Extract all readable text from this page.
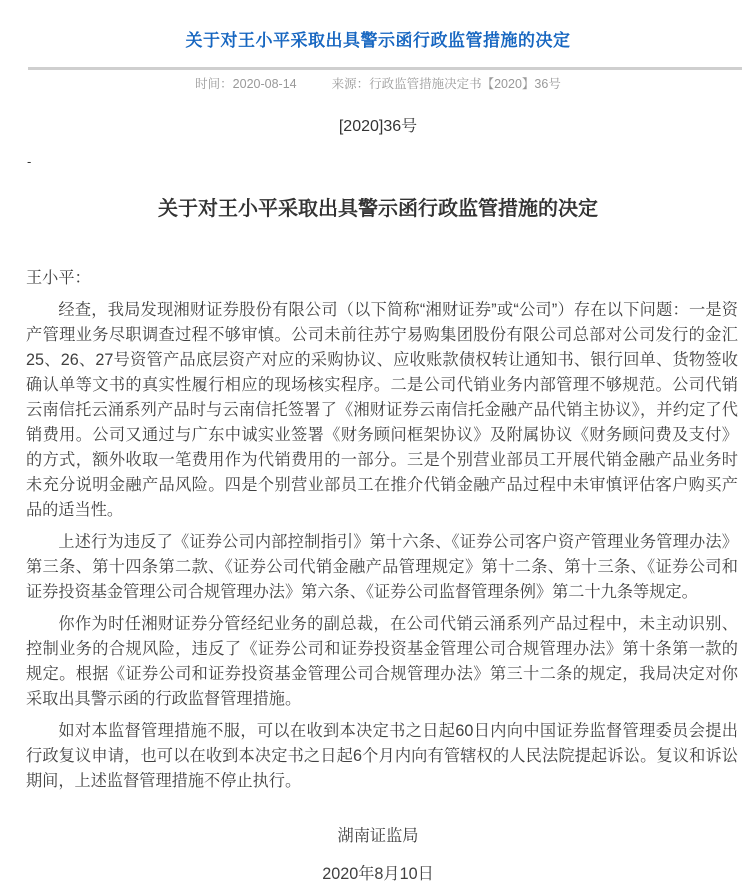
关于对王小平采取出具警示函行政监管措施的决定
时间：2020-08-14	来源：行政监管措施决定书【2020】36号
[2020]36号
-
关于对王小平采取出具警示函行政监管措施的决定

王小平：

经查，我局发现湘财证券股份有限公司（以下简称“湘财证券”或“公司”）存在以下问题：一是资产管理业务尽职调查过程不够审慎。公司未前往苏宁易购集团股份有限公司总部对公司发行的金汇25、26、27号资管产品底层资产对应的采购协议、应收账款债权转让通知书、银行回单、货物签收确认单等文书的真实性履行相应的现场核实程序。二是公司代销业务内部管理不够规范。公司代销云南信托云涌系列产品时与云南信托签署了《湘财证券云南信托金融产品代销主协议》，并约定了代销费用。公司又通过与广东中诚实业签署《财务顾问框架协议》及附属协议《财务顾问费及支付》的方式，额外收取一笔费用作为代销费用的一部分。三是个别营业部员工开展代销金融产品业务时未充分说明金融产品风险。四是个别营业部员工在推介代销金融产品过程中未审慎评估客户购买产品的适当性。

上述行为违反了《证券公司内部控制指引》第十六条、《证券公司客户资产管理业务管理办法》第三条、第十四条第二款、《证券公司代销金融产品管理规定》第十二条、第十三条、《证券公司和证券投资基金管理公司合规管理办法》第六条、《证券公司监督管理条例》第二十九条等规定。

你作为时任湘财证券分管经纪业务的副总裁，在公司代销云涌系列产品过程中，未主动识别、控制业务的合规风险，违反了《证券公司和证券投资基金管理公司合规管理办法》第十条第一款的规定。根据《证券公司和证券投资基金管理公司合规管理办法》第三十二条的规定，我局决定对你采取出具警示函的行政监督管理措施。

如对本监督管理措施不服，可以在收到本决定书之日起60日内向中国证券监督管理委员会提出行政复议申请，也可以在收到本决定书之日起6个月内向有管辖权的人民法院提起诉讼。复议和诉讼期间，上述监督管理措施不停止执行。

湖南证监局
2020年8月10日
